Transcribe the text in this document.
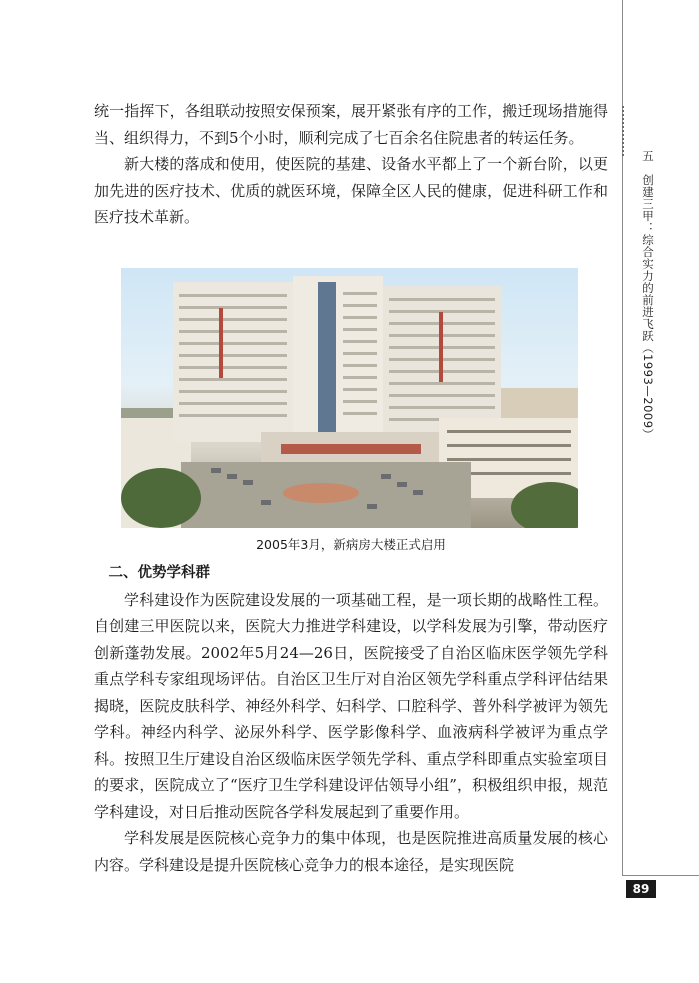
五　创建三甲：综合实力的前进飞跃（1993—2009）
89

统一指挥下，各组联动按照安保预案，展开紧张有序的工作，搬迁现场措施得当、组织得力，不到5个小时，顺利完成了七百余名住院患者的转运任务。

新大楼的落成和使用，使医院的基建、设备水平都上了一个新台阶，以更加先进的医疗技术、优质的就医环境，保障全区人民的健康，促进科研工作和医疗技术革新。

2005年3月，新病房大楼正式启用

二、优势学科群

学科建设作为医院建设发展的一项基础工程，是一项长期的战略性工程。自创建三甲医院以来，医院大力推进学科建设，以学科发展为引擎，带动医疗创新蓬勃发展。2002年5月24—26日，医院接受了自治区临床医学领先学科重点学科专家组现场评估。自治区卫生厅对自治区领先学科重点学科评估结果揭晓，医院皮肤科学、神经外科学、妇科学、口腔科学、普外科学被评为领先学科。神经内科学、泌尿外科学、医学影像科学、血液病科学被评为重点学科。按照卫生厅建设自治区级临床医学领先学科、重点学科即重点实验室项目的要求，医院成立了“医疗卫生学科建设评估领导小组”，积极组织申报，规范学科建设，对日后推动医院各学科发展起到了重要作用。

学科发展是医院核心竞争力的集中体现，也是医院推进高质量发展的核心内容。学科建设是提升医院核心竞争力的根本途径，是实现医院
